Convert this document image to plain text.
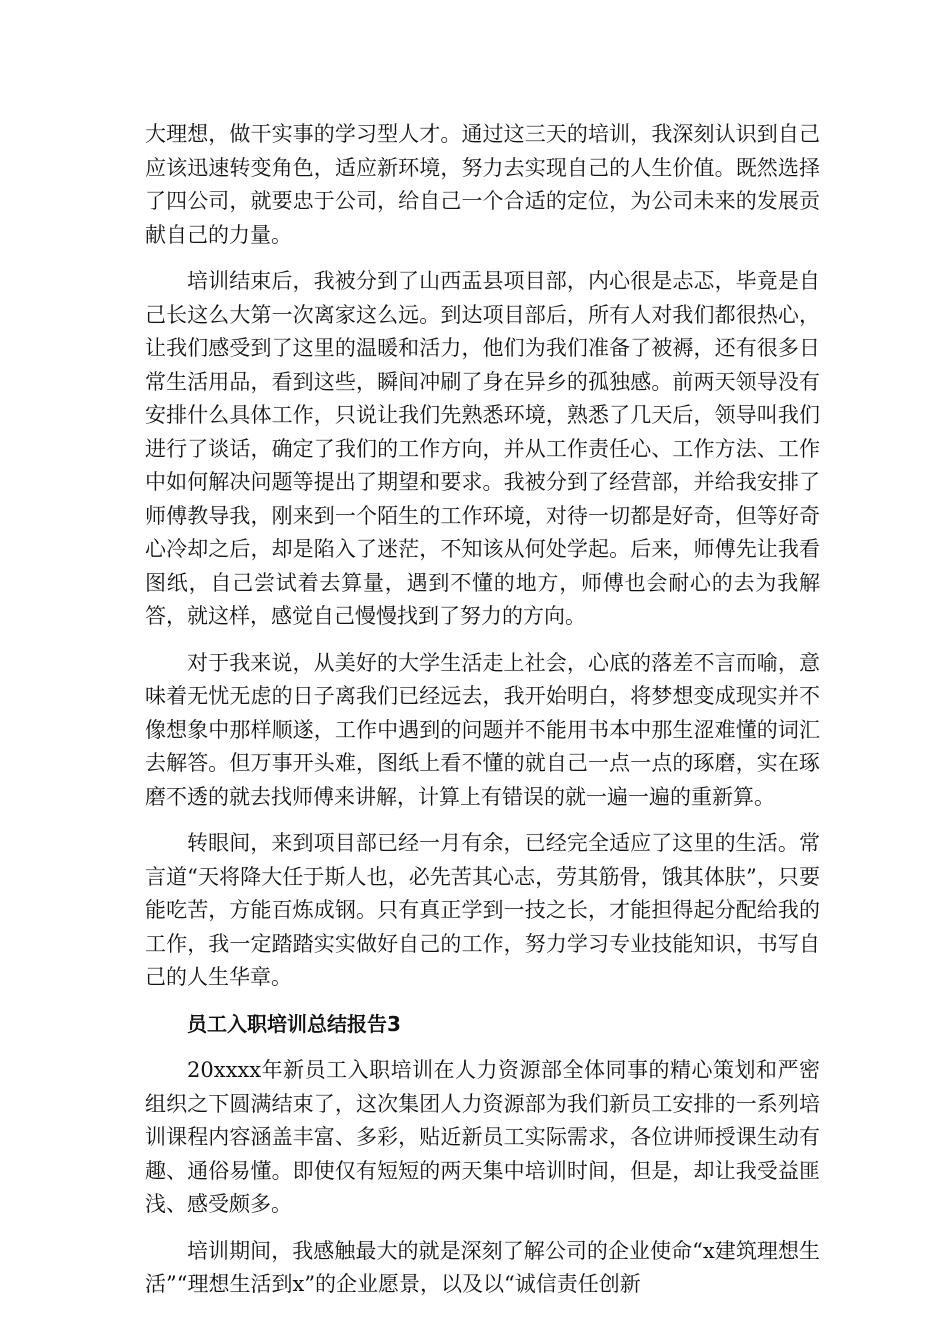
大理想，做干实事的学习型人才。通过这三天的培训，我深刻认识到自己应该迅速转变角色，适应新环境，努力去实现自己的人生价值。既然选择了四公司，就要忠于公司，给自己一个合适的定位，为公司未来的发展贡献自己的力量。

培训结束后，我被分到了山西盂县项目部，内心很是忐忑，毕竟是自己长这么大第一次离家这么远。到达项目部后，所有人对我们都很热心，让我们感受到了这里的温暖和活力，他们为我们准备了被褥，还有很多日常生活用品，看到这些，瞬间冲刷了身在异乡的孤独感。前两天领导没有安排什么具体工作，只说让我们先熟悉环境，熟悉了几天后，领导叫我们进行了谈话，确定了我们的工作方向，并从工作责任心、工作方法、工作中如何解决问题等提出了期望和要求。我被分到了经营部，并给我安排了师傅教导我，刚来到一个陌生的工作环境，对待一切都是好奇，但等好奇心冷却之后，却是陷入了迷茫，不知该从何处学起。后来，师傅先让我看图纸，自己尝试着去算量，遇到不懂的地方，师傅也会耐心的去为我解答，就这样，感觉自己慢慢找到了努力的方向。

对于我来说，从美好的大学生活走上社会，心底的落差不言而喻，意味着无忧无虑的日子离我们已经远去，我开始明白，将梦想变成现实并不像想象中那样顺遂，工作中遇到的问题并不能用书本中那生涩难懂的词汇去解答。但万事开头难，图纸上看不懂的就自己一点一点的琢磨，实在琢磨不透的就去找师傅来讲解，计算上有错误的就一遍一遍的重新算。

转眼间，来到项目部已经一月有余，已经完全适应了这里的生活。常言道“天将降大任于斯人也，必先苦其心志，劳其筋骨，饿其体肤”，只要能吃苦，方能百炼成钢。只有真正学到一技之长，才能担得起分配给我的工作，我一定踏踏实实做好自己的工作，努力学习专业技能知识，书写自己的人生华章。

员工入职培训总结报告3

20xxxx年新员工入职培训在人力资源部全体同事的精心策划和严密组织之下圆满结束了，这次集团人力资源部为我们新员工安排的一系列培训课程内容涵盖丰富、多彩，贴近新员工实际需求，各位讲师授课生动有趣、通俗易懂。即使仅有短短的两天集中培训时间，但是，却让我受益匪浅、感受颇多。

培训期间，我感触最大的就是深刻了解公司的企业使命“x建筑理想生活”“理想生活到x”的企业愿景，以及以“诚信责任创新
